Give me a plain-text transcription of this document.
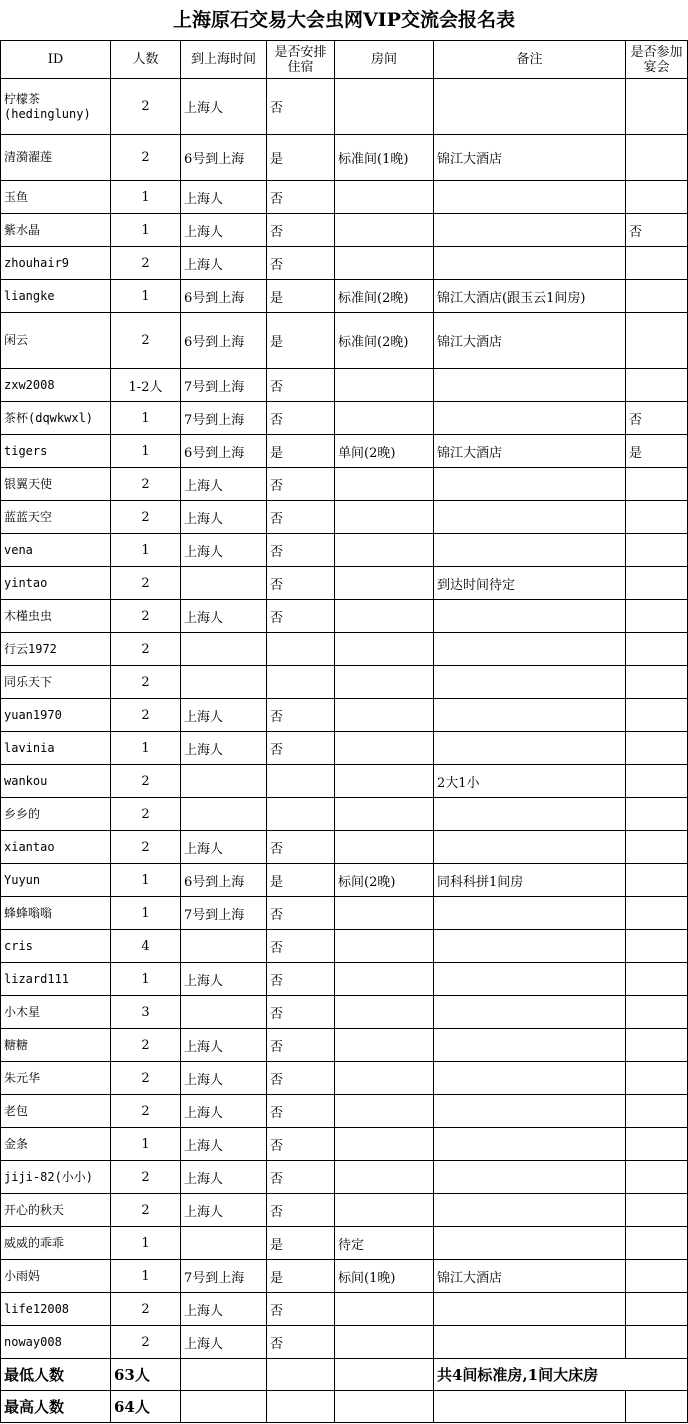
上海原石交易大会虫网VIP交流会报名表
ID	人数	到上海时间	是否安排住宿	房间	备注	是否参加宴会
柠檬茶(hedingluny)	2	上海人	否			
清漪濯莲	2	6号到上海	是	标准间(1晚)	锦江大酒店	
玉鱼	1	上海人	否			
紫水晶	1	上海人	否			否
zhouhair9	2	上海人	否			
liangke	1	6号到上海	是	标准间(2晚)	锦江大酒店(跟玉云1间房)	
闲云	2	6号到上海	是	标准间(2晚)	锦江大酒店	
zxw2008	1-2人	7号到上海	否			
茶杯(dqwkwxl)	1	7号到上海	否			否
tigers	1	6号到上海	是	单间(2晚)	锦江大酒店	是
银翼天使	2	上海人	否			
蓝蓝天空	2	上海人	否			
vena	1	上海人	否			
yintao	2		否		到达时间待定	
木槿虫虫	2	上海人	否			
行云1972	2					
同乐天下	2					
yuan1970	2	上海人	否			
lavinia	1	上海人	否			
wankou	2				2大1小	
乡乡的	2					
xiantao	2	上海人	否			
Yuyun	1	6号到上海	是	标间(2晚)	同科科拼1间房	
蜂蜂嗡嗡	1	7号到上海	否			
cris	4		否			
lizard111	1	上海人	否			
小木星	3		否			
糖糖	2	上海人	否			
朱元华	2	上海人	否			
老包	2	上海人	否			
金条	1	上海人	否			
jiji-82(小小)	2	上海人	否			
开心的秋天	2	上海人	否			
威威的乖乖	1		是	待定		
小雨妈	1	7号到上海	是	标间(1晚)	锦江大酒店	
life12008	2	上海人	否			
noway008	2	上海人	否			
最低人数	63人				共4间标准房,1间大床房	
最高人数	64人					
